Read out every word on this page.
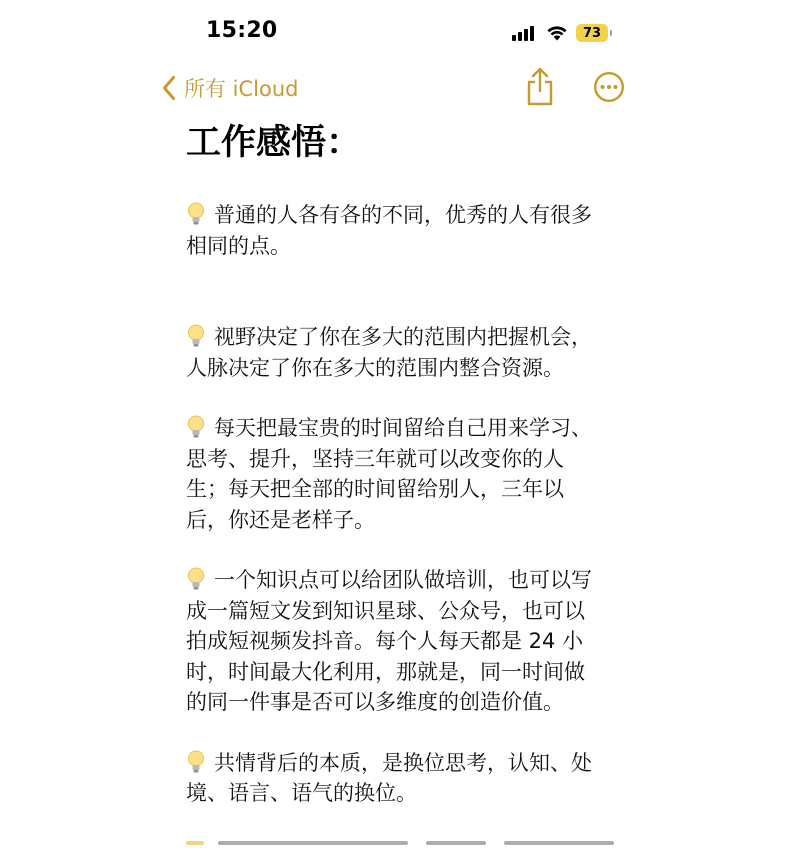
15:20	73
所有 iCloud
工作感悟：

普通的人各有各的不同，优秀的人有很多
相同的点。

视野决定了你在多大的范围内把握机会，
人脉决定了你在多大的范围内整合资源。

每天把最宝贵的时间留给自己用来学习、
思考、提升，坚持三年就可以改变你的人
生；每天把全部的时间留给别人，三年以
后，你还是老样子。

一个知识点可以给团队做培训，也可以写
成一篇短文发到知识星球、公众号，也可以
拍成短视频发抖音。每个人每天都是 24 小
时，时间最大化利用，那就是，同一时间做
的同一件事是否可以多维度的创造价值。

共情背后的本质，是换位思考，认知、处
境、语言、语气的换位。
